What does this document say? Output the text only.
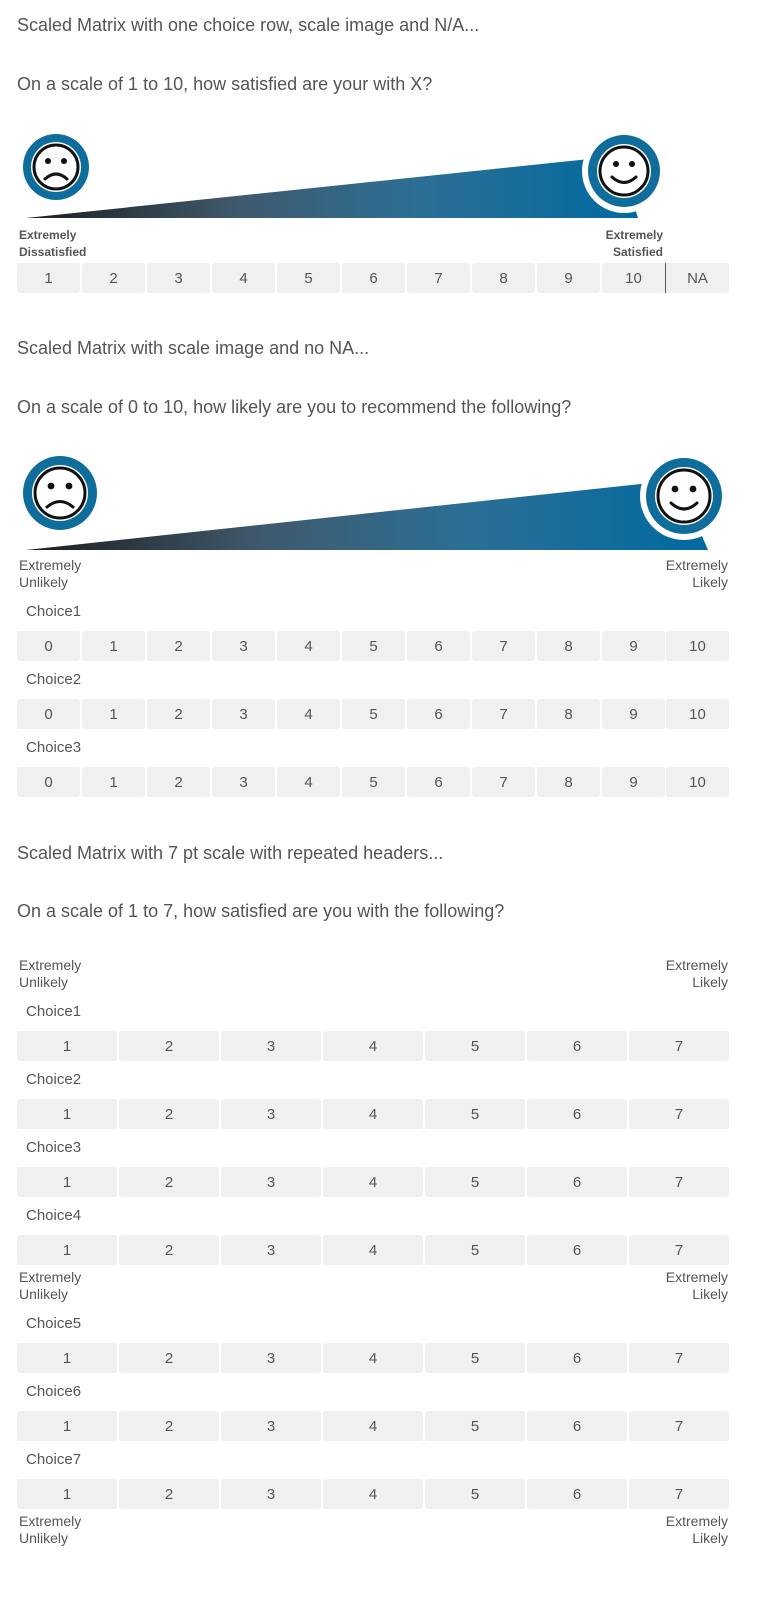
Scaled Matrix with one choice row, scale image and N/A...
On a scale of 1 to 10, how satisfied are your with X?
Extremely
Dissatisfied
Extremely
Satisfied
1	2	3	4	5	6	7	8	9	10	NA
Scaled Matrix with scale image and no NA...
On a scale of 0 to 10, how likely are you to recommend the following?
Extremely
Unlikely
Extremely
Likely
Choice1
0	1	2	3	4	5	6	7	8	9	10
Choice2
0	1	2	3	4	5	6	7	8	9	10
Choice3
0	1	2	3	4	5	6	7	8	9	10
Scaled Matrix with 7 pt scale with repeated headers...
On a scale of 1 to 7, how satisfied are you with the following?
Extremely
Unlikely
Extremely
Likely
Choice1
1	2	3	4	5	6	7
Choice2
1	2	3	4	5	6	7
Choice3
1	2	3	4	5	6	7
Choice4
1	2	3	4	5	6	7
Extremely
Unlikely
Extremely
Likely
Choice5
1	2	3	4	5	6	7
Choice6
1	2	3	4	5	6	7
Choice7
1	2	3	4	5	6	7
Extremely
Unlikely
Extremely
Likely
